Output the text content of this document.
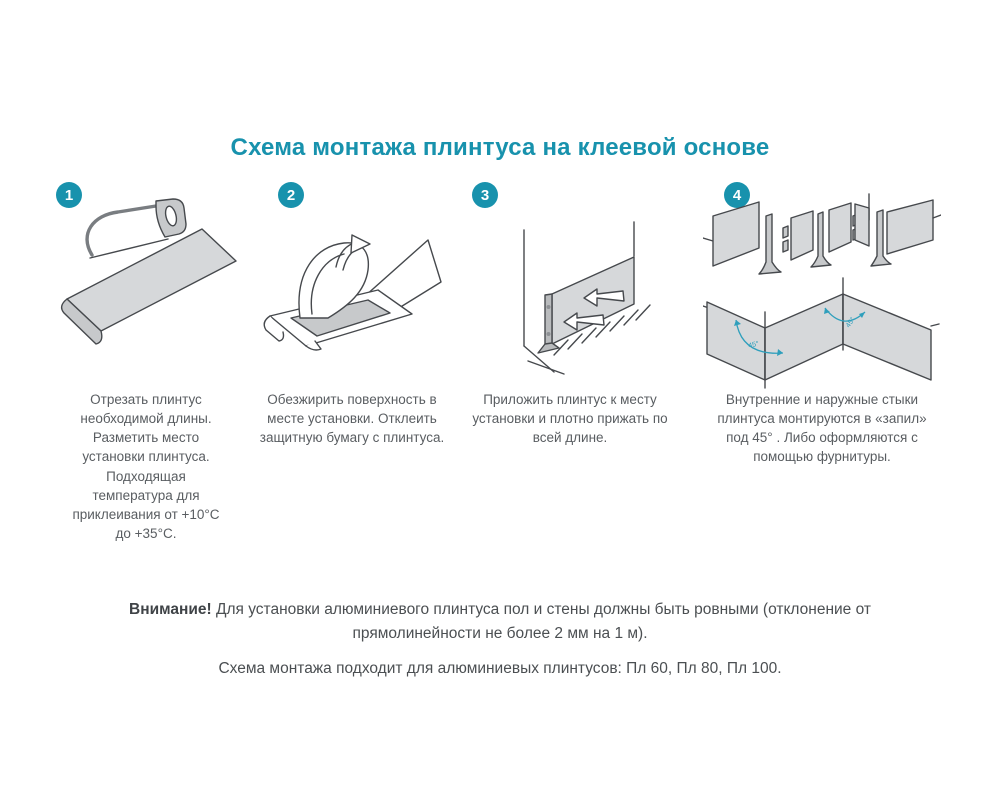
Схема монтажа плинтуса на клеевой основе
1

Отрезать плинтус необходимой длины. Разметить место установки плинтуса. Подходящая температура для приклеивания от +10°С до +35°С.

2

Обезжирить поверхность в месте установки. Отклеить защитную бумагу с плинтуса.

3

Приложить плинтус к месту установки и плотно прижать по всей длине.

4
45°
45°

Внутренние и наружные стыки плинтуса монтируются в «запил» под 45° . Либо оформляются с помощью фурнитуры.

Внимание! Для установки алюминиевого плинтуса пол и стены должны быть ровными (отклонение от прямолинейности не более 2 мм на 1 м).

Схема монтажа подходит для алюминиевых плинтусов: Пл 60, Пл 80, Пл 100.
